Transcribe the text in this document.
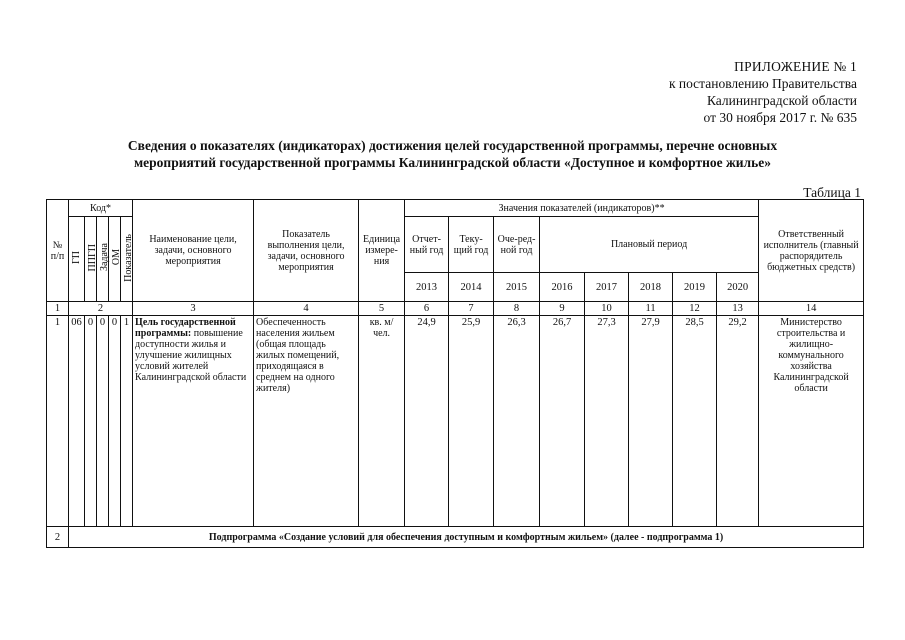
ПРИЛОЖЕНИЕ № 1
к постановлению Правительства
Калининградской области
от 30 ноября 2017 г. № 635
Сведения о показателях (индикаторах) достижения целей государственной программы, перечне основных
мероприятий государственной программы Калининградской области «Доступное и комфортное жилье»
Таблица 1
№ п/п	Код*					Наименование цели, задачи, основного мероприятия	Показатель выполнения цели, задачи, основного мероприятия	Единица измере-ния	Значения показателей (индикаторов)**								Ответственный исполнитель (главный распорядитель бюджетных средств)
	ГП	ППГП	Задача	ОМ	Показатель				Отчет-ный год	Теку-щий год	Оче-ред-ной год	Плановый период					

									2013	2014	2015	2016	2017	2018	2019	2020	
1	2					3	4	5	6	7	8	9	10	11	12	13	14
1	06	0	0	0	1	Цель государственной программы: повышение доступности жилья и улучшение жилищных условий жителей Калининградской области	Обеспеченность населения жильем (общая площадь жилых помещений, приходящаяся в среднем на одного жителя)	кв. м/ чел.	24,9	25,9	26,3	26,7	27,3	27,9	28,5	29,2	Министерство строительства и жилищно-коммунального хозяйства Калининградской области
2	Подпрограмма «Создание условий для обеспечения доступным и комфортным жильем» (далее - подпрограмма 1)																
